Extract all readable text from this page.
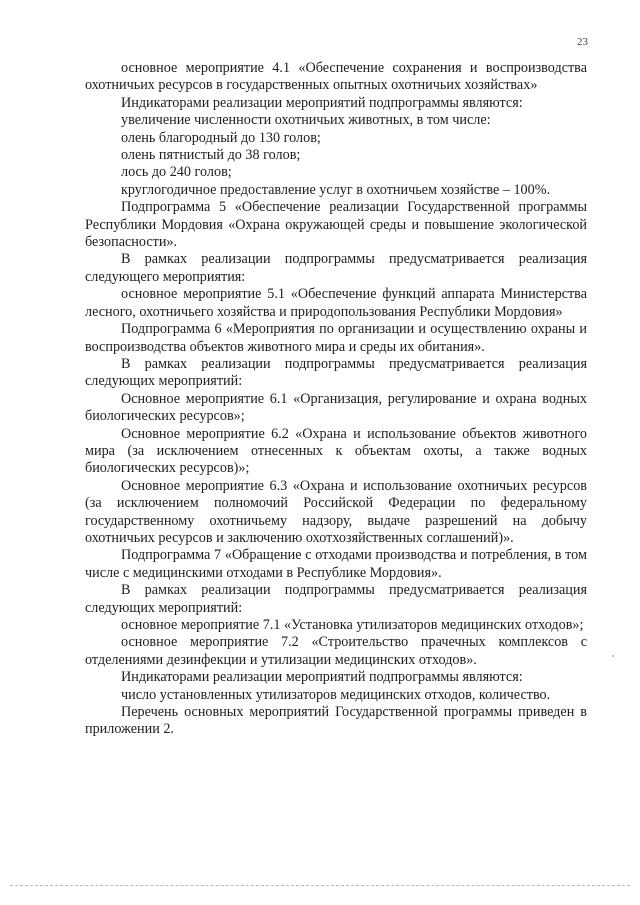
23

основное мероприятие 4.1 «Обеспечение сохранения и воспроизводства охотничьих ресурсов в государственных опытных охотничьих хозяйствах»

Индикаторами реализации мероприятий подпрограммы являются:

увеличение численности охотничьих животных, в том числе:

олень благородный до 130 голов;

олень пятнистый до 38 голов;

лось до 240 голов;

круглогодичное предоставление услуг в охотничьем хозяйстве – 100%.

Подпрограмма 5 «Обеспечение реализации Государственной программы Республики Мордовия «Охрана окружающей среды и повышение экологической безопасности».

В рамках реализации подпрограммы предусматривается реализация следующего мероприятия:

основное мероприятие 5.1 «Обеспечение функций аппарата Министерства лесного, охотничьего хозяйства и природопользования Республики Мордовия»

Подпрограмма 6 «Мероприятия по организации и осуществлению охраны и воспроизводства объектов животного мира и среды их обитания».

В рамках реализации подпрограммы предусматривается реализация следующих мероприятий:

Основное мероприятие 6.1 «Организация, регулирование и охрана водных биологических ресурсов»;

Основное мероприятие 6.2 «Охрана и использование объектов животного мира (за исключением отнесенных к объектам охоты, а также водных биологических ресурсов)»;

Основное мероприятие 6.3 «Охрана и использование охотничьих ресурсов (за исключением полномочий Российской Федерации по федеральному государственному охотничьему надзору, выдаче разрешений на добычу охотничьих ресурсов и заключению охотхозяйственных соглашений)».

Подпрограмма 7 «Обращение с отходами производства и потребления, в том числе с медицинскими отходами в Республике Мордовия».

В рамках реализации подпрограммы предусматривается реализация следующих мероприятий:

основное мероприятие 7.1 «Установка утилизаторов медицинских отходов»;

основное мероприятие 7.2 «Строительство прачечных комплексов с отделениями дезинфекции и утилизации медицинских отходов».

Индикаторами реализации мероприятий подпрограммы являются:

число установленных утилизаторов медицинских отходов, количество.

Перечень основных мероприятий Государственной программы приведен в приложении 2.
